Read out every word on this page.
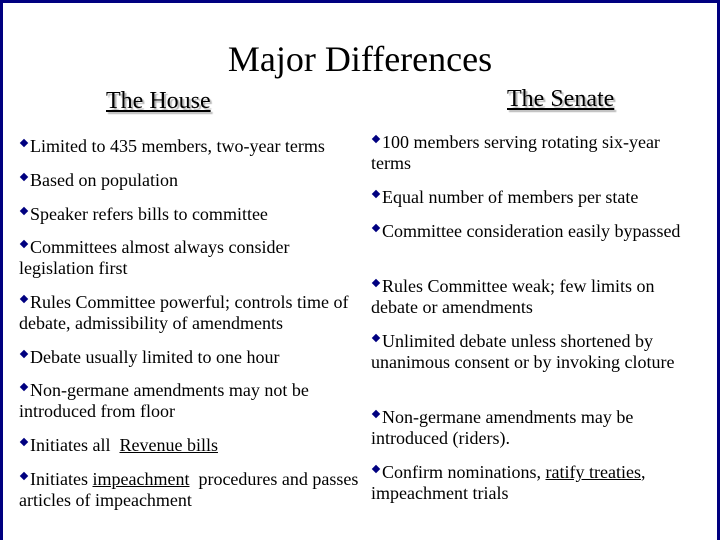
Major Differences
The House	The Senate
Limited to 435 members, two-year terms
Based on population
Speaker refers bills to committee
Committees almost always consider legislation first
Rules Committee powerful; controls time of debate, admissibility of amendments
Debate usually limited to one hour
Non-germane amendments may not be introduced from floor
Initiates all  Revenue bills
Initiates impeachment  procedures and passes articles of impeachment
100 members serving rotating six-year terms
Equal number of members per state
Committee consideration easily bypassed
Rules Committee weak; few limits on debate or amendments
Unlimited debate unless shortened by unanimous consent or by invoking cloture
Non-germane amendments may be introduced (riders).
Confirm nominations, ratify treaties, impeachment trials
